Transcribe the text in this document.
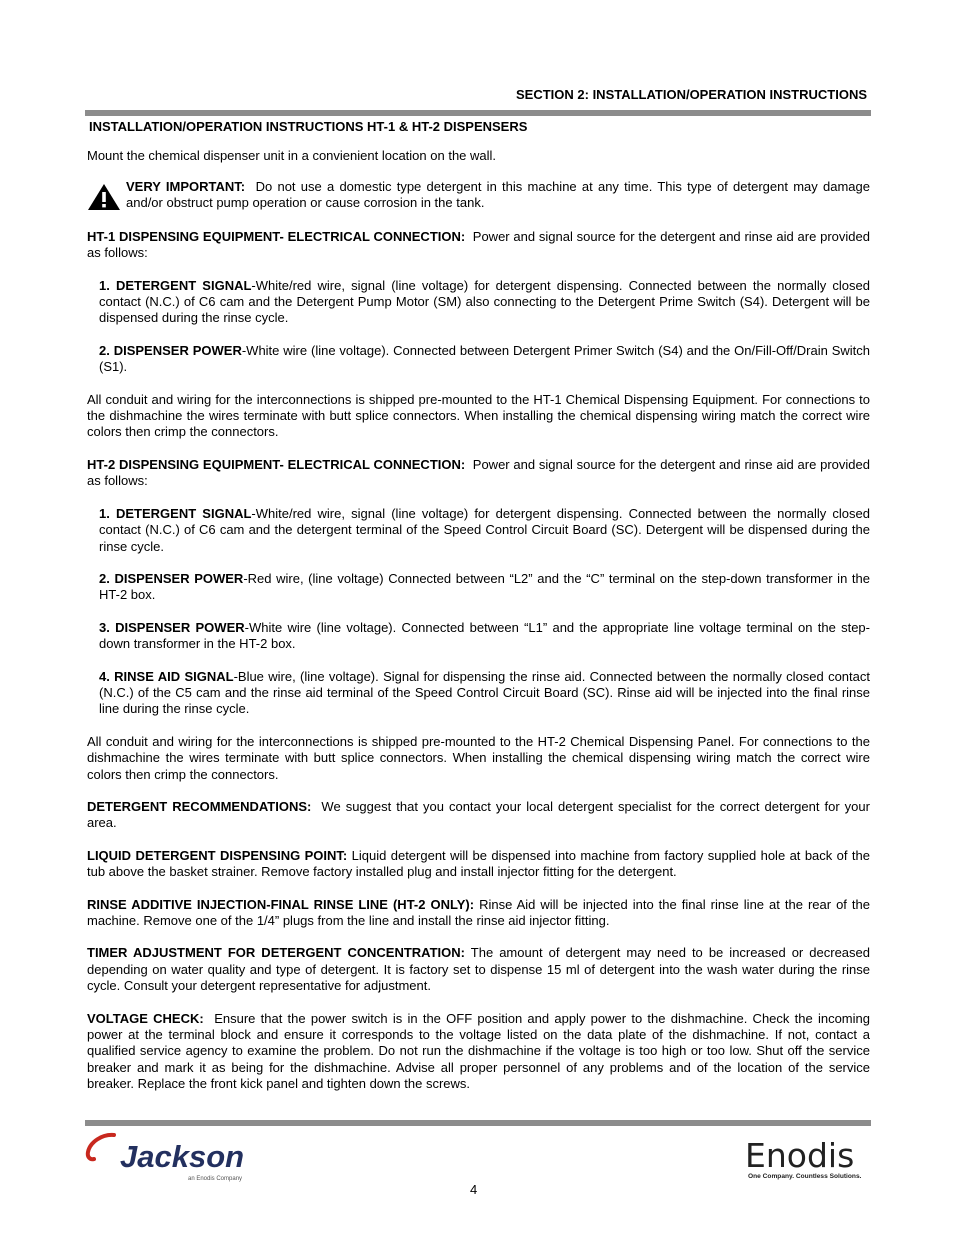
SECTION 2: INSTALLATION/OPERATION INSTRUCTIONS

INSTALLATION/OPERATION INSTRUCTIONS HT-1 & HT-2 DISPENSERS

Mount the chemical dispenser unit in a convienient location on the wall.

VERY IMPORTANT: Do not use a domestic type detergent in this machine at any time. This type of detergent may damage and/or obstruct pump operation or cause corrosion in the tank.

HT-1 DISPENSING EQUIPMENT- ELECTRICAL CONNECTION: Power and signal source for the detergent and rinse aid are provided as follows:

1. DETERGENT SIGNAL-White/red wire, signal (line voltage) for detergent dispensing. Connected between the normally closed contact (N.C.) of C6 cam and the Detergent Pump Motor (SM) also connecting to the Detergent Prime Switch (S4). Detergent will be dispensed during the rinse cycle.

2. DISPENSER POWER-White wire (line voltage). Connected between Detergent Primer Switch (S4) and the On/Fill-Off/Drain Switch (S1).

All conduit and wiring for the interconnections is shipped pre-mounted to the HT-1 Chemical Dispensing Equipment. For connections to the dishmachine the wires terminate with butt splice connectors. When installing the chemical dispensing wiring match the correct wire colors then crimp the connectors.

HT-2 DISPENSING EQUIPMENT- ELECTRICAL CONNECTION: Power and signal source for the detergent and rinse aid are provided as follows:

1. DETERGENT SIGNAL-White/red wire, signal (line voltage) for detergent dispensing. Connected between the normally closed contact (N.C.) of C6 cam and the detergent terminal of the Speed Control Circuit Board (SC). Detergent will be dispensed during the rinse cycle.

2. DISPENSER POWER-Red wire, (line voltage) Connected between “L2” and the “C” terminal on the step-down transformer in the HT-2 box.

3. DISPENSER POWER-White wire (line voltage). Connected between “L1” and the appropriate line voltage terminal on the step-down transformer in the HT-2 box.

4. RINSE AID SIGNAL-Blue wire, (line voltage). Signal for dispensing the rinse aid. Connected between the normally closed contact (N.C.) of the C5 cam and the rinse aid terminal of the Speed Control Circuit Board (SC). Rinse aid will be injected into the final rinse line during the rinse cycle.

All conduit and wiring for the interconnections is shipped pre-mounted to the HT-2 Chemical Dispensing Panel. For connections to the dishmachine the wires terminate with butt splice connectors. When installing the chemical dispensing wiring match the correct wire colors then crimp the connectors.

DETERGENT RECOMMENDATIONS: We suggest that you contact your local detergent specialist for the correct detergent for your area.

LIQUID DETERGENT DISPENSING POINT: Liquid detergent will be dispensed into machine from factory supplied hole at back of the tub above the basket strainer. Remove factory installed plug and install injector fitting for the detergent.

RINSE ADDITIVE INJECTION-FINAL RINSE LINE (HT-2 ONLY): Rinse Aid will be injected into the final rinse line at the rear of the machine. Remove one of the 1/4” plugs from the line and install the rinse aid injector fitting.

TIMER ADJUSTMENT FOR DETERGENT CONCENTRATION: The amount of detergent may need to be increased or decreased depending on water quality and type of detergent. It is factory set to dispense 15 ml of detergent into the wash water during the rinse cycle. Consult your detergent representative for adjustment.

VOLTAGE CHECK: Ensure that the power switch is in the OFF position and apply power to the dishmachine. Check the incoming power at the terminal block and ensure it corresponds to the voltage listed on the data plate of the dishmachine. If not, contact a qualified service agency to examine the problem. Do not run the dishmachine if the voltage is too high or too low. Shut off the service breaker and mark it as being for the dishmachine. Advise all proper personnel of any problems and of the location of the service breaker. Replace the front kick panel and tighten down the screws.

Jackson
an Enodis Company
Enodis
One Company. Countless Solutions.
4
